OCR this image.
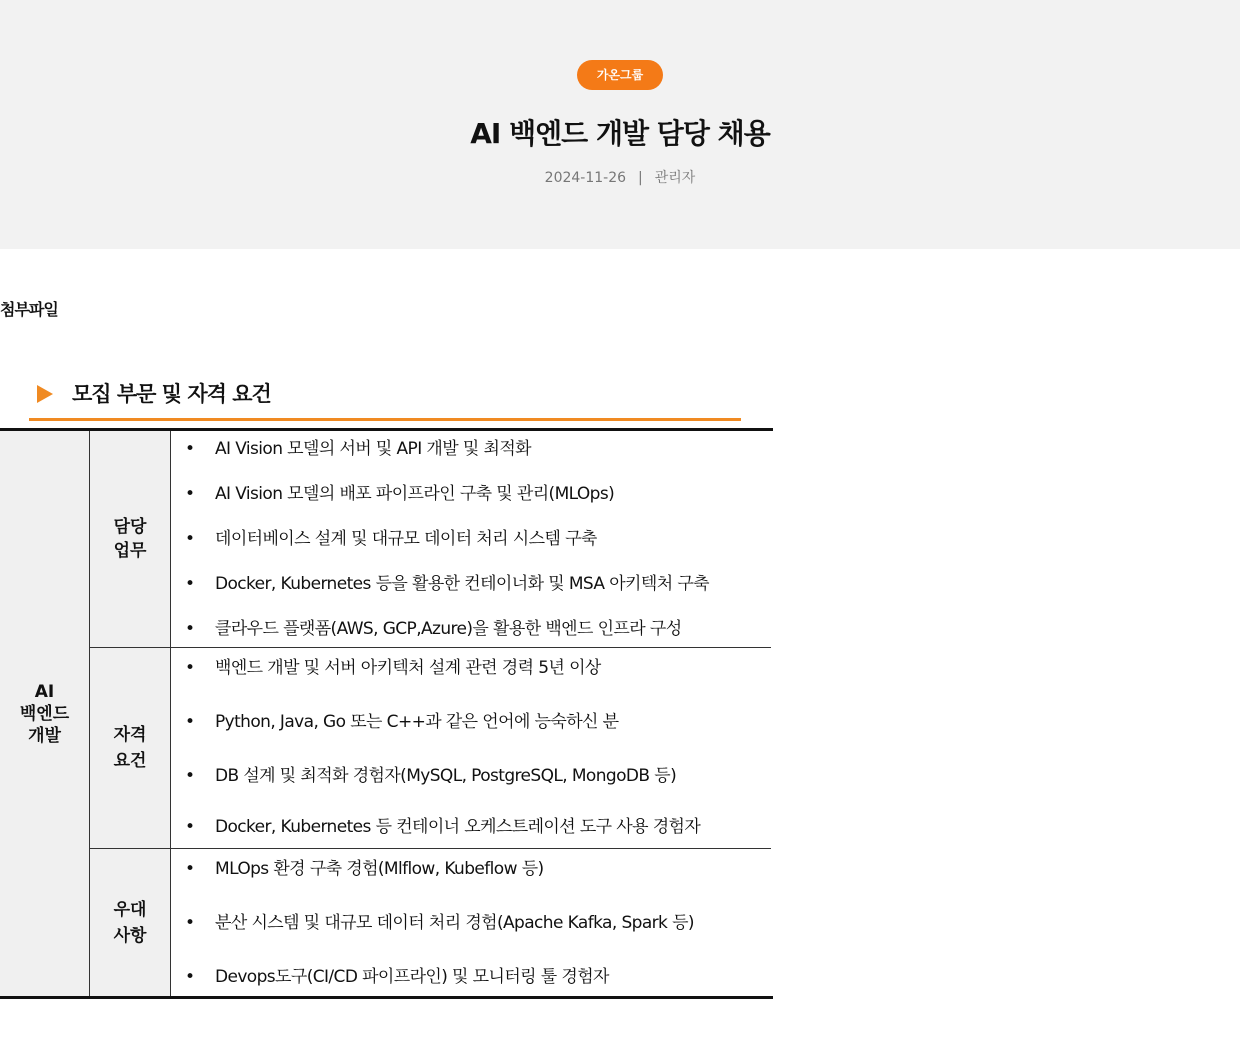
가온그룹
AI 백엔드 개발 담당 채용
2024-11-26 | 관리자
첨부파일
모집 부문 및 자격 요건
AI
백엔드
개발
담당
업무
자격
요건
우대
사항
• AI Vision 모델의 서버 및 API 개발 및 최적화
• AI Vision 모델의 배포 파이프라인 구축 및 관리(MLOps)
• 데이터베이스 설계 및 대규모 데이터 처리 시스템 구축
• Docker, Kubernetes 등을 활용한 컨테이너화 및 MSA 아키텍처 구축
• 클라우드 플랫폼(AWS, GCP,Azure)을 활용한 백엔드 인프라 구성
• 백엔드 개발 및 서버 아키텍처 설계 관련 경력 5년 이상
• Python, Java, Go 또는 C++과 같은 언어에 능숙하신 분
• DB 설계 및 최적화 경험자(MySQL, PostgreSQL, MongoDB 등)
• Docker, Kubernetes 등 컨테이너 오케스트레이션 도구 사용 경험자
• MLOps 환경 구축 경험(Mlflow, Kubeflow 등)
• 분산 시스템 및 대규모 데이터 처리 경험(Apache Kafka, Spark 등)
• Devops도구(CI/CD 파이프라인) 및 모니터링 툴 경험자
